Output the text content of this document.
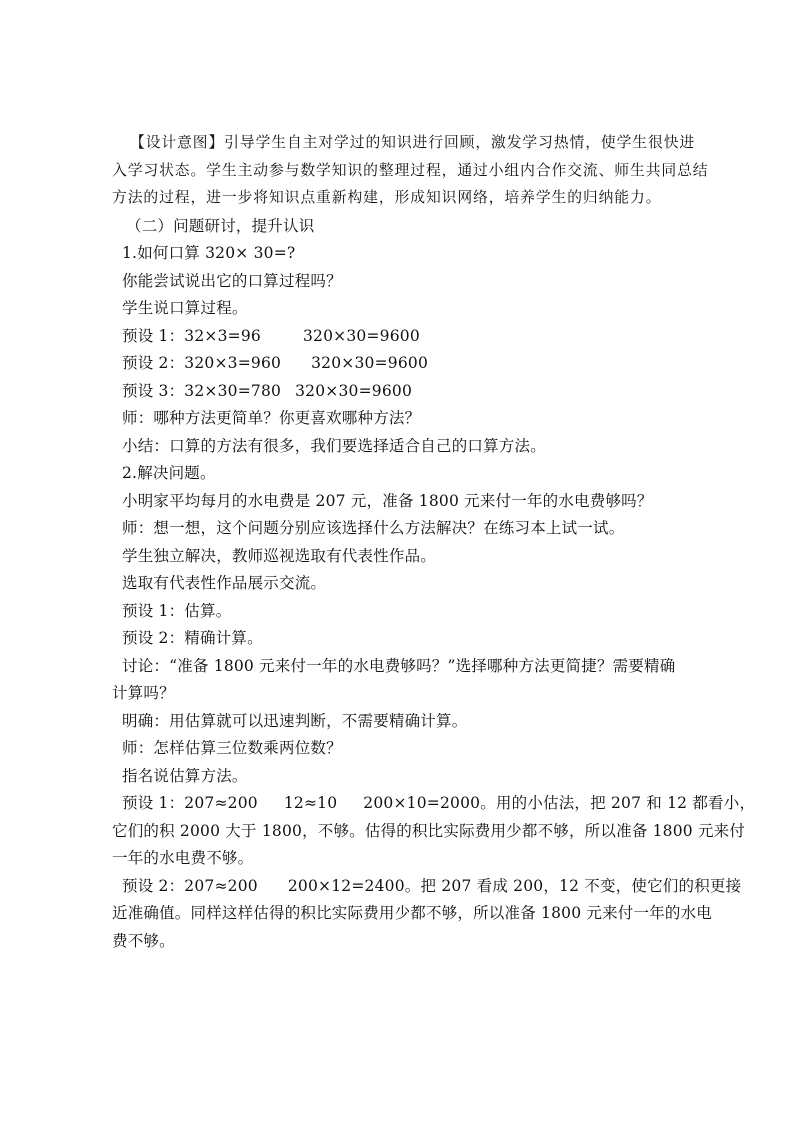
【设计意图】引导学生自主对学过的知识进行回顾，激发学习热情，使学生很快进
入学习状态。学生主动参与数学知识的整理过程，通过小组内合作交流、师生共同总结
方法的过程，进一步将知识点重新构建，形成知识网络，培养学生的归纳能力。
（二）问题研讨，提升认识
1.如何口算 320× 30=?
你能尝试说出它的口算过程吗？
学生说口算过程。
预设 1：32×3=96	320×30=9600
预设 2：320×3=960 320×30=9600
预设 3：32×30=780 320×30=9600
师：哪种方法更简单？你更喜欢哪种方法？
小结：口算的方法有很多，我们要选择适合自己的口算方法。
2.解决问题。
小明家平均每月的水电费是 207 元，准备 1800 元来付一年的水电费够吗？
师：想一想，这个问题分别应该选择什么方法解决？在练习本上试一试。
学生独立解决，教师巡视选取有代表性作品。
选取有代表性作品展示交流。
预设 1：估算。
预设 2：精确计算。
讨论：“准备 1800 元来付一年的水电费够吗？”选择哪种方法更简捷？需要精确
计算吗？
明确：用估算就可以迅速判断，不需要精确计算。
师：怎样估算三位数乘两位数？
指名说估算方法。
预设 1：207≈200 12≈10 200×10=2000。用的小估法，把 207 和 12 都看小，
它们的积 2000 大于 1800，不够。估得的积比实际费用少都不够，所以准备 1800 元来付
一年的水电费不够。
预设 2：207≈200 200×12=2400。把 207 看成 200，12 不变，使它们的积更接
近准确值。同样这样估得的积比实际费用少都不够，所以准备 1800 元来付一年的水电
费不够。
